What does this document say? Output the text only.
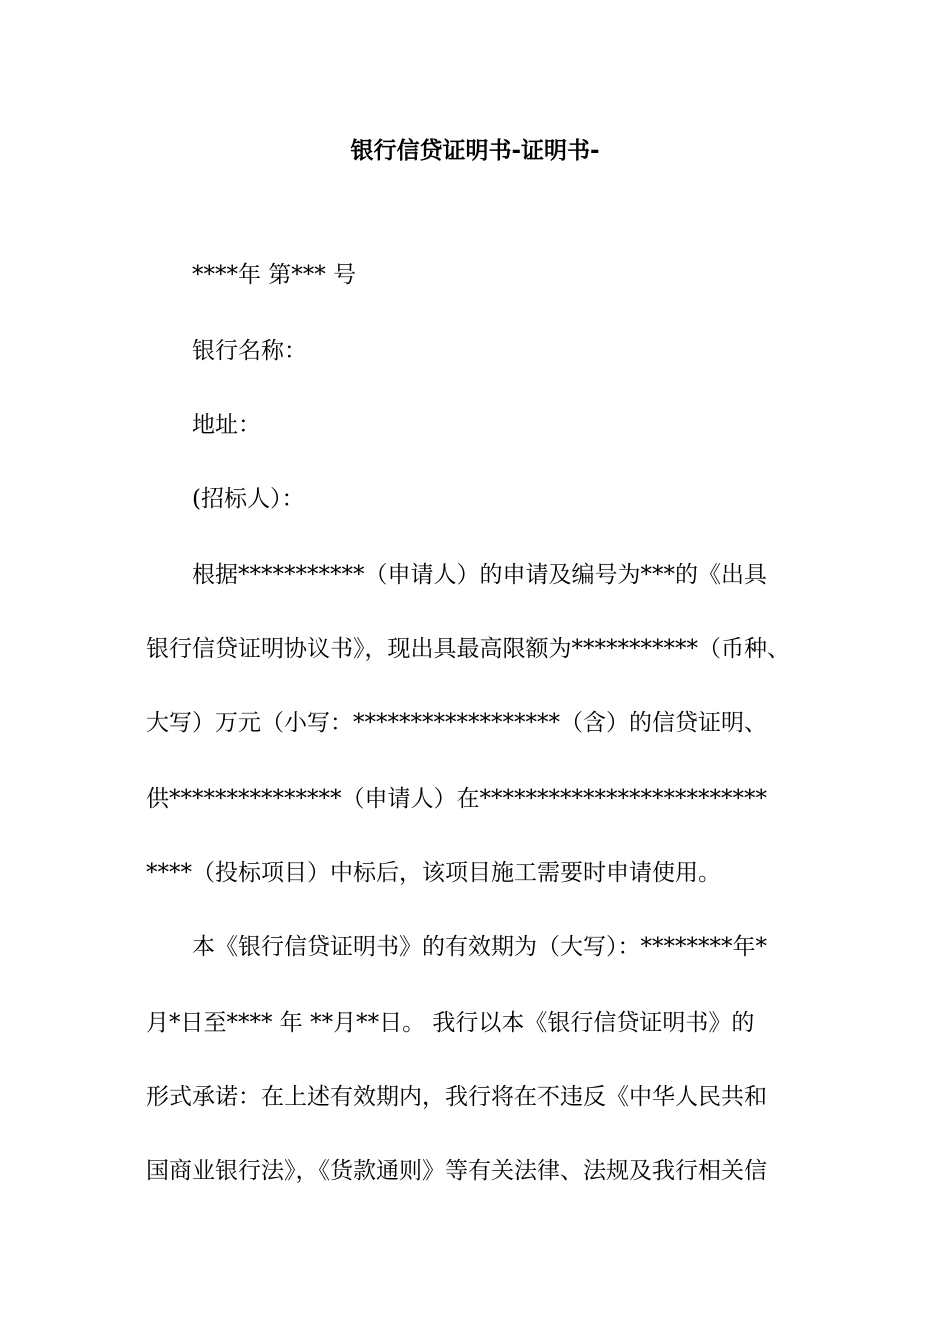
银行信贷证明书-证明书-
****年 第*** 号
银行名称：
地址：
(招标人）：
根据***********（申请人）的申请及编号为***的《出具
银行信贷证明协议书》，现出具最高限额为***********（币种、
大写）万元（小写：******************（含）的信贷证明、
供***************（申请人）在*************************
****（投标项目）中标后，该项目施工需要时申请使用。
本《银行信贷证明书》的有效期为（大写）：********年*
月*日至**** 年 **月**日。 我行以本《银行信贷证明书》的
形式承诺：在上述有效期内，我行将在不违反《中华人民共和
国商业银行法》，《货款通则》等有关法律、法规及我行相关信
